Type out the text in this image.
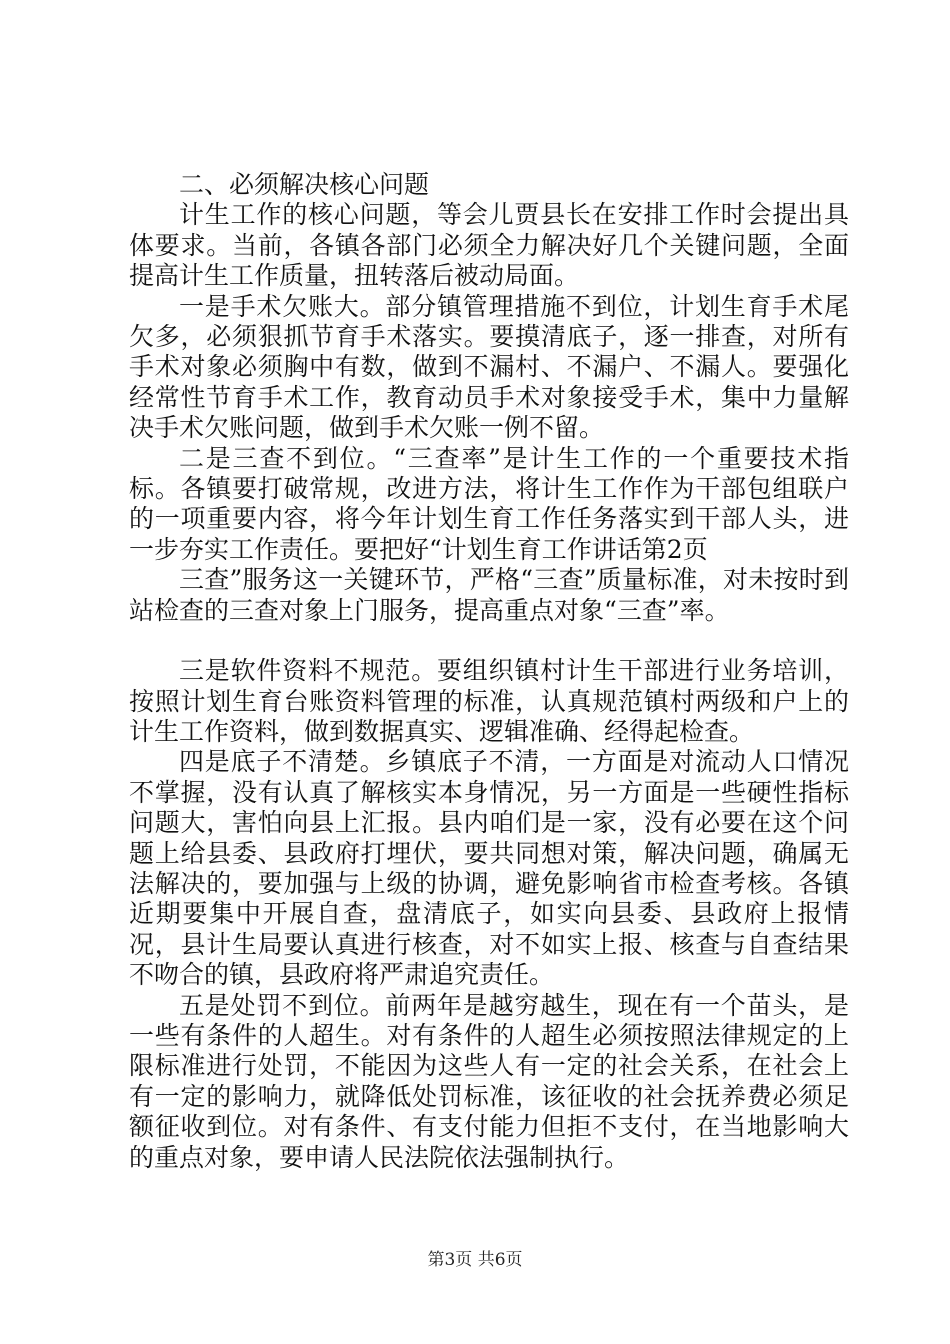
二、必须解决核心问题

计生工作的核心问题，等会儿贾县长在安排工作时会提出具体要求。当前，各镇各部门必须全力解决好几个关键问题，全面提高计生工作质量，扭转落后被动局面。

一是手术欠账大。部分镇管理措施不到位，计划生育手术尾欠多，必须狠抓节育手术落实。要摸清底子，逐一排查，对所有手术对象必须胸中有数，做到不漏村、不漏户、不漏人。要强化经常性节育手术工作，教育动员手术对象接受手术，集中力量解决手术欠账问题，做到手术欠账一例不留。

二是三查不到位。“三查率”是计生工作的一个重要技术指标。各镇要打破常规，改进方法，将计生工作作为干部包组联户的一项重要内容，将今年计划生育工作任务落实到干部人头，进一步夯实工作责任。要把好“计划生育工作讲话第2页

三查”服务这一关键环节，严格“三查”质量标准，对未按时到站检查的三查对象上门服务，提高重点对象“三查”率。

三是软件资料不规范。要组织镇村计生干部进行业务培训，按照计划生育台账资料管理的标准，认真规范镇村两级和户上的计生工作资料，做到数据真实、逻辑准确、经得起检查。

四是底子不清楚。乡镇底子不清，一方面是对流动人口情况不掌握，没有认真了解核实本身情况，另一方面是一些硬性指标问题大，害怕向县上汇报。县内咱们是一家，没有必要在这个问题上给县委、县政府打埋伏，要共同想对策，解决问题，确属无法解决的，要加强与上级的协调，避免影响省市检查考核。各镇近期要集中开展自查，盘清底子，如实向县委、县政府上报情况，县计生局要认真进行核查，对不如实上报、核查与自查结果不吻合的镇，县政府将严肃追究责任。

五是处罚不到位。前两年是越穷越生，现在有一个苗头，是一些有条件的人超生。对有条件的人超生必须按照法律规定的上限标准进行处罚，不能因为这些人有一定的社会关系，在社会上有一定的影响力，就降低处罚标准，该征收的社会抚养费必须足额征收到位。对有条件、有支付能力但拒不支付，在当地影响大的重点对象，要申请人民法院依法强制执行。

第3页 共6页
